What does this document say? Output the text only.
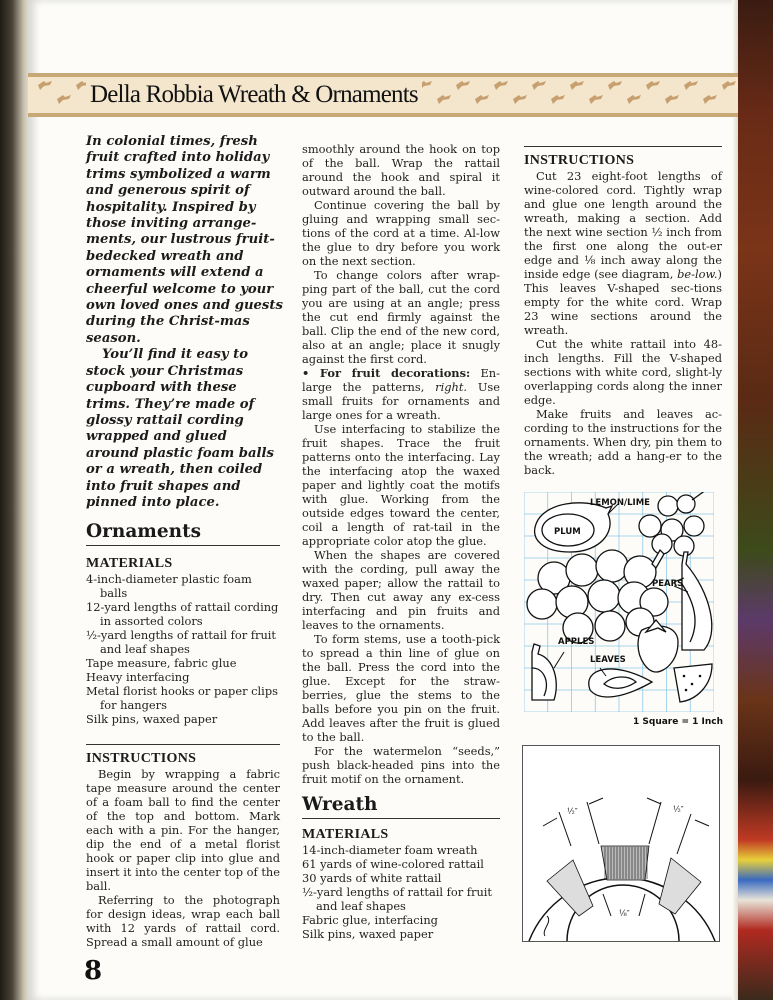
Della Robbia Wreath & Ornaments

In colonial times, fresh fruit crafted into holiday trims symbolized a warm and generous spirit of hospitality. Inspired by those inviting arrange-ments, our lustrous fruit-bedecked wreath and ornaments will extend a cheerful welcome to your own loved ones and guests during the Christ-mas season.

You’ll find it easy to stock your Christmas cupboard with these trims. They’re made of glossy rattail cording wrapped and glued around plastic foam balls or a wreath, then coiled into fruit shapes and pinned into place.

Ornaments
MATERIALS
4-inch-diameter plastic foam balls
12-yard lengths of rattail cording in assorted colors
½-yard lengths of rattail for fruit and leaf shapes
Tape measure, fabric glue
Heavy interfacing
Metal florist hooks or paper clips for hangers
Silk pins, waxed paper
INSTRUCTIONS

Begin by wrapping a fabric tape measure around the center of a foam ball to find the center of the top and bottom. Mark each with a pin. For the hanger, dip the end of a metal florist hook or paper clip into glue and insert it into the center top of the ball.

Referring to the photograph for design ideas, wrap each ball with 12 yards of rattail cord. Spread a small amount of glue

8

smoothly around the hook on top of the ball. Wrap the rattail around the hook and spiral it outward around the ball.

Continue covering the ball by gluing and wrapping small sec-tions of the cord at a time. Al-low the glue to dry before you work on the next section.

To change colors after wrap-ping part of the ball, cut the cord you are using at an angle; press the cut end firmly against the ball. Clip the end of the new cord, also at an angle; place it snugly against the first cord.

• For fruit decorations: En-large the patterns, right. Use small fruits for ornaments and large ones for a wreath.

Use interfacing to stabilize the fruit shapes. Trace the fruit patterns onto the interfacing. Lay the interfacing atop the waxed paper and lightly coat the motifs with glue. Working from the outside edges toward the center, coil a length of rat-tail in the appropriate color atop the glue.

When the shapes are covered with the cording, pull away the waxed paper; allow the rattail to dry. Then cut away any ex-cess interfacing and pin fruits and leaves to the ornaments.

To form stems, use a tooth-pick to spread a thin line of glue on the ball. Press the cord into the glue. Except for the straw-berries, glue the stems to the balls before you pin on the fruit. Add leaves after the fruit is glued to the ball.

For the watermelon “seeds,” push black-headed pins into the fruit motif on the ornament.

Wreath
MATERIALS
14-inch-diameter foam wreath
61 yards of wine-colored rattail
30 yards of white rattail
½-yard lengths of rattail for fruit and leaf shapes
Fabric glue, interfacing
Silk pins, waxed paper
INSTRUCTIONS

Cut 23 eight-foot lengths of wine-colored cord. Tightly wrap and glue one length around the wreath, making a section. Add the next wine section ½ inch from the first one along the out-er edge and ⅛ inch away along the inside edge (see diagram, be-low.) This leaves V-shaped sec-tions empty for the white cord. Wrap 23 wine sections around the wreath.

Cut the white rattail into 48-inch lengths. Fill the V-shaped sections with white cord, slight-ly overlapping cords along the inner edge.

Make fruits and leaves ac-cording to the instructions for the ornaments. When dry, pin them to the wreath; add a hang-er to the back.

LEMON/LIME
PLUM
PEARS
APPLES
LEAVES
1 Square = 1 Inch
½″	½″
⅛″
